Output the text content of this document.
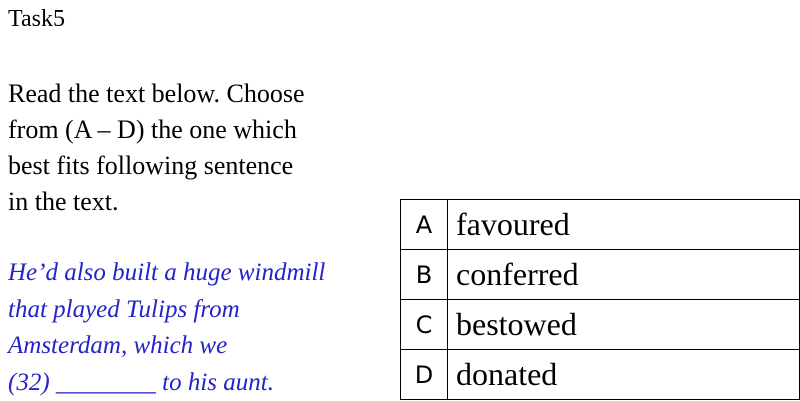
Task5
Read the text below. Choose
from (A – D) the one which
best fits following sentence
in the text.
He’d also built a huge windmill
that played Tulips from
Amsterdam, which we
(32) ________ to his aunt.
A	favoured
B	conferred
C	bestowed
D	donated
